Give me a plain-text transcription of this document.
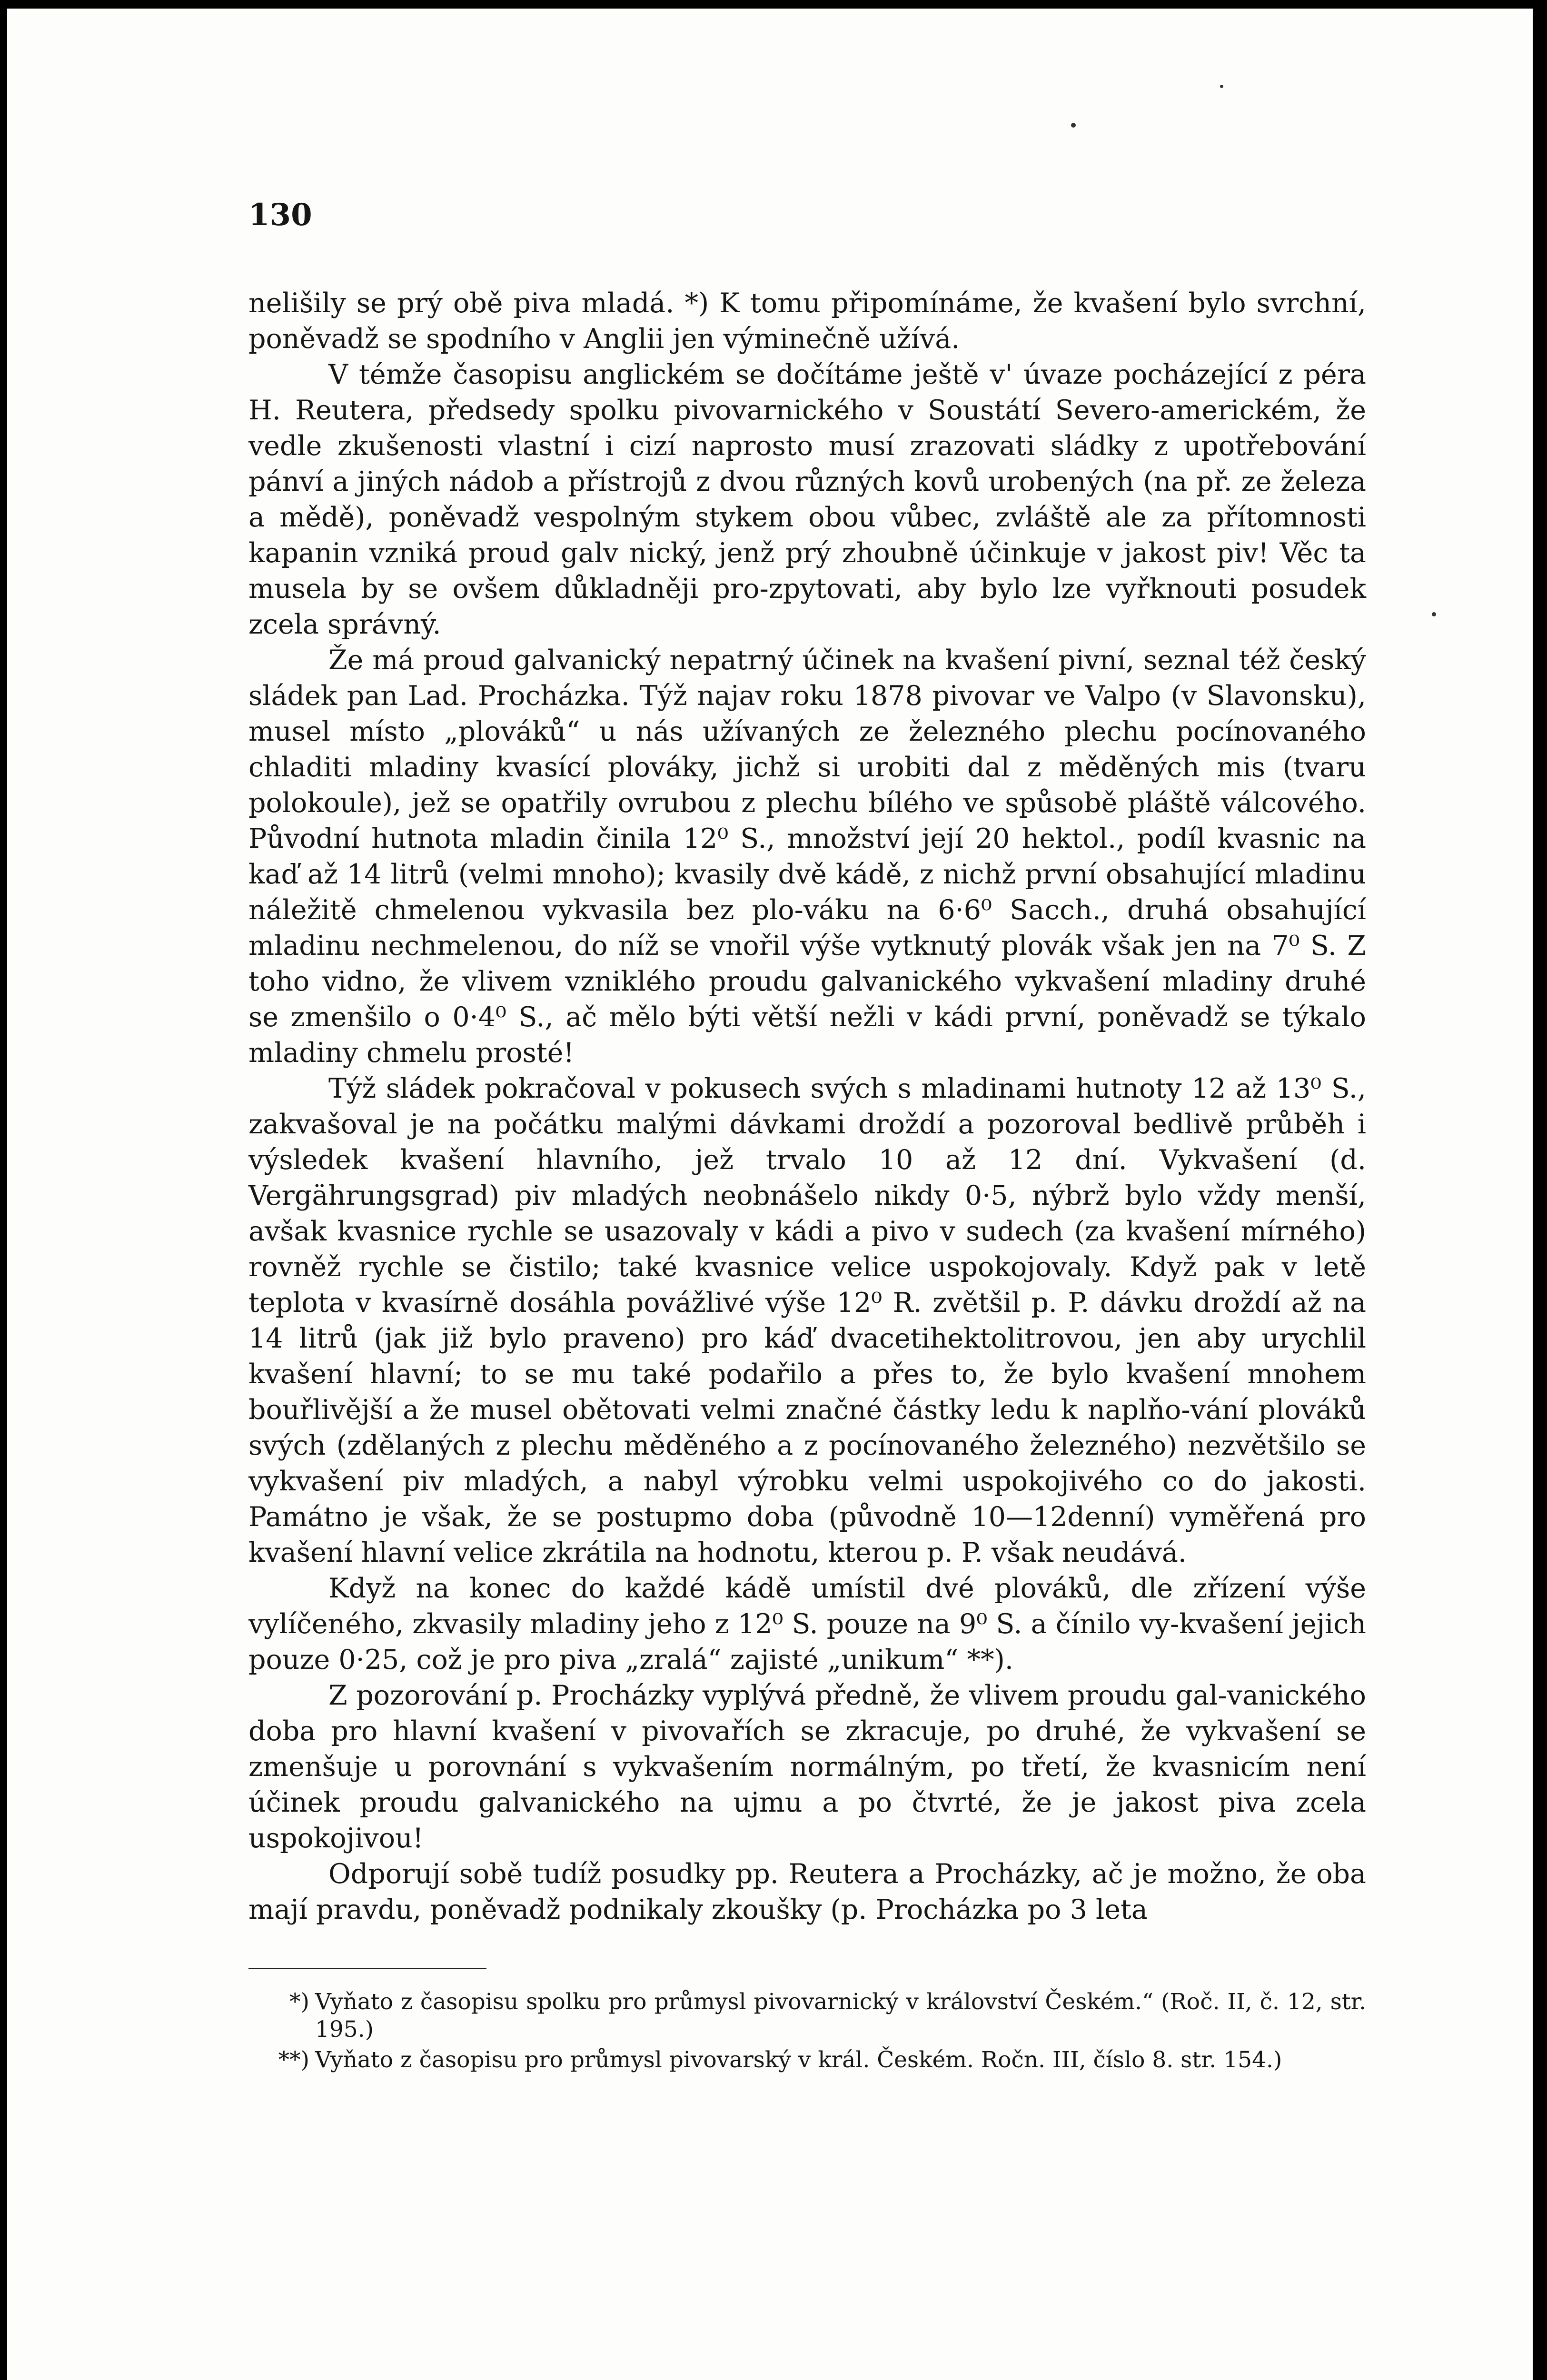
130

nelišily se prý obě piva mladá. *) K tomu připomínáme, že kvašení bylo svrchní, poněvadž se spodního v Anglii jen výminečně užívá.

V témže časopisu anglickém se dočítáme ještě v' úvaze pocházející z péra H. Reutera, předsedy spolku pivovarnického v Soustátí Severo-americkém, že vedle zkušenosti vlastní i cizí naprosto musí zrazovati sládky z upotřebování pánví a jiných nádob a přístrojů z dvou různých kovů urobených (na př. ze železa a mědě), poněvadž vespolným stykem obou vůbec, zvláště ale za přítomnosti kapanin vzniká proud galv nický, jenž prý zhoubně účinkuje v jakost piv! Věc ta musela by se ovšem důkladněji pro-zpytovati, aby bylo lze vyřknouti posudek zcela správný.

Že má proud galvanický nepatrný účinek na kvašení pivní, seznal též český sládek pan Lad. Procházka. Týž najav roku 1878 pivovar ve Valpo (v Slavonsku), musel místo „plováků“ u nás užívaných ze železného plechu pocínovaného chladiti mladiny kvasící plováky, jichž si urobiti dal z měděných mis (tvaru polokoule), jež se opatřily ovrubou z plechu bílého ve spůsobě pláště válcového. Původní hutnota mladin činila 12⁰ S., množství její 20 hektol., podíl kvasnic na kaď až 14 litrů (velmi mnoho); kvasily dvě kádě, z nichž první obsahující mladinu náležitě chmelenou vykvasila bez plo-váku na 6·6⁰ Sacch., druhá obsahující mladinu nechmelenou, do níž se vnořil výše vytknutý plovák však jen na 7⁰ S. Z toho vidno, že vlivem vzniklého proudu galvanického vykvašení mladiny druhé se zmenšilo o 0·4⁰ S., ač mělo býti větší nežli v kádi první, poněvadž se týkalo mladiny chmelu prosté!

Týž sládek pokračoval v pokusech svých s mladinami hutnoty 12 až 13⁰ S., zakvašoval je na počátku malými dávkami droždí a pozoroval bedlivě průběh i výsledek kvašení hlavního, jež trvalo 10 až 12 dní. Vykvašení (d. Vergährungsgrad) piv mladých neobnášelo nikdy 0·5, nýbrž bylo vždy menší, avšak kvasnice rychle se usazovaly v kádi a pivo v sudech (za kvašení mírného) rovněž rychle se čistilo; také kvasnice velice uspokojovaly. Když pak v letě teplota v kvasírně dosáhla povážlivé výše 12⁰ R. zvětšil p. P. dávku droždí až na 14 litrů (jak již bylo praveno) pro káď dvacetihektolitrovou, jen aby urychlil kvašení hlavní; to se mu také podařilo a přes to, že bylo kvašení mnohem bouřlivější a že musel obětovati velmi značné částky ledu k naplňo-vání plováků svých (zdělaných z plechu měděného a z pocínovaného železného) nezvětšilo se vykvašení piv mladých, a nabyl výrobku velmi uspokojivého co do jakosti. Památno je však, že se postupmo doba (původně 10—12denní) vyměřená pro kvašení hlavní velice zkrátila na hodnotu, kterou p. P. však neudává.

Když na konec do každé kádě umístil dvé plováků, dle zřízení výše vylíčeného, zkvasily mladiny jeho z 12⁰ S. pouze na 9⁰ S. a čínilo vy-kvašení jejich pouze 0·25, což je pro piva „zralá“ zajisté „unikum“ **).

Z pozorování p. Procházky vyplývá předně, že vlivem proudu gal-vanického doba pro hlavní kvašení v pivovařích se zkracuje, po druhé, že vykvašení se zmenšuje u porovnání s vykvašením normálným, po třetí, že kvasnicím není účinek proudu galvanického na ujmu a po čtvrté, že je jakost piva zcela uspokojivou!

Odporují sobě tudíž posudky pp. Reutera a Procházky, ač je možno, že oba mají pravdu, poněvadž podnikaly zkoušky (p. Procházka po 3 leta

*) Vyňato z časopisu spolku pro průmysl pivovarnický v království Českém.“ (Roč. II, č. 12, str. 195.)
**) Vyňato z časopisu pro průmysl pivovarský v král. Českém. Ročn. III, číslo 8. str. 154.)
